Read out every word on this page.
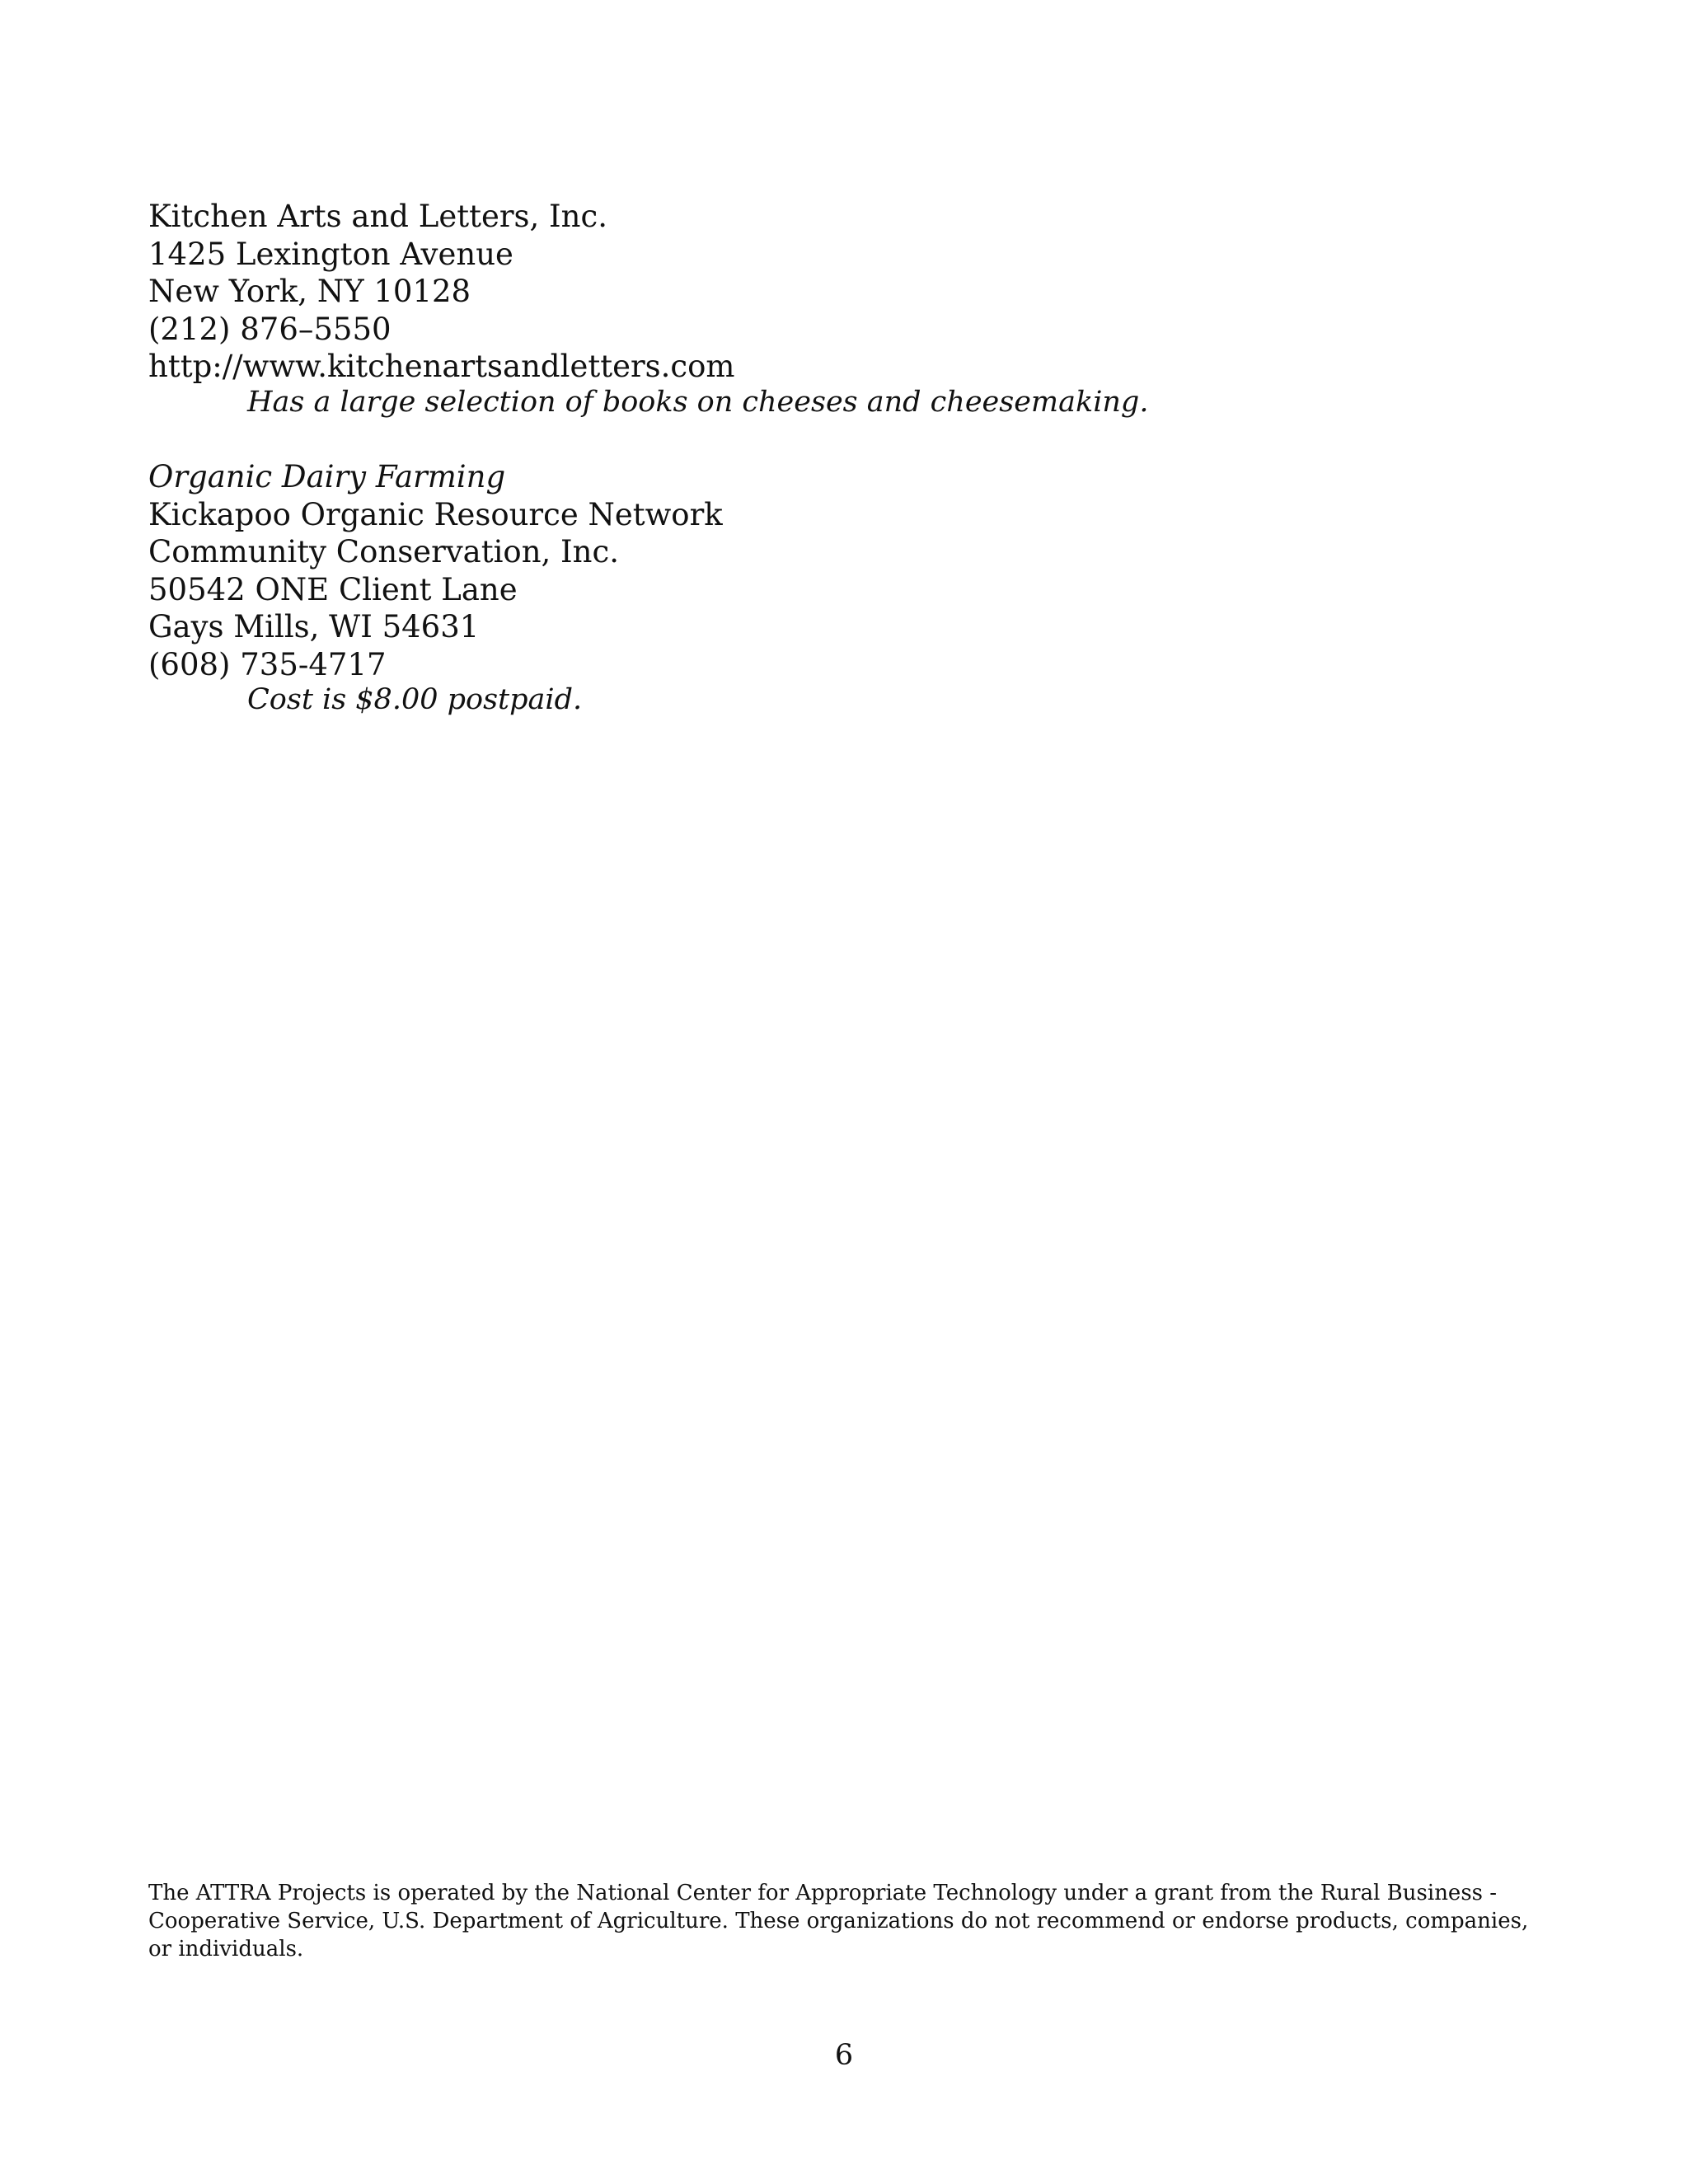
Kitchen Arts and Letters, Inc.
1425 Lexington Avenue
New York, NY 10128
(212) 876–5550
http://www.kitchenartsandletters.com
Has a large selection of books on cheeses and cheesemaking.
Organic Dairy Farming
Kickapoo Organic Resource Network
Community Conservation, Inc.
50542 ONE Client Lane
Gays Mills, WI 54631
(608) 735-4717
Cost is $8.00 postpaid.
The ATTRA Projects is operated by the National Center for Appropriate Technology under a grant from the Rural Business - Cooperative Service, U.S. Department of Agriculture. These organizations do not recommend or endorse products, companies, or individuals.
6
